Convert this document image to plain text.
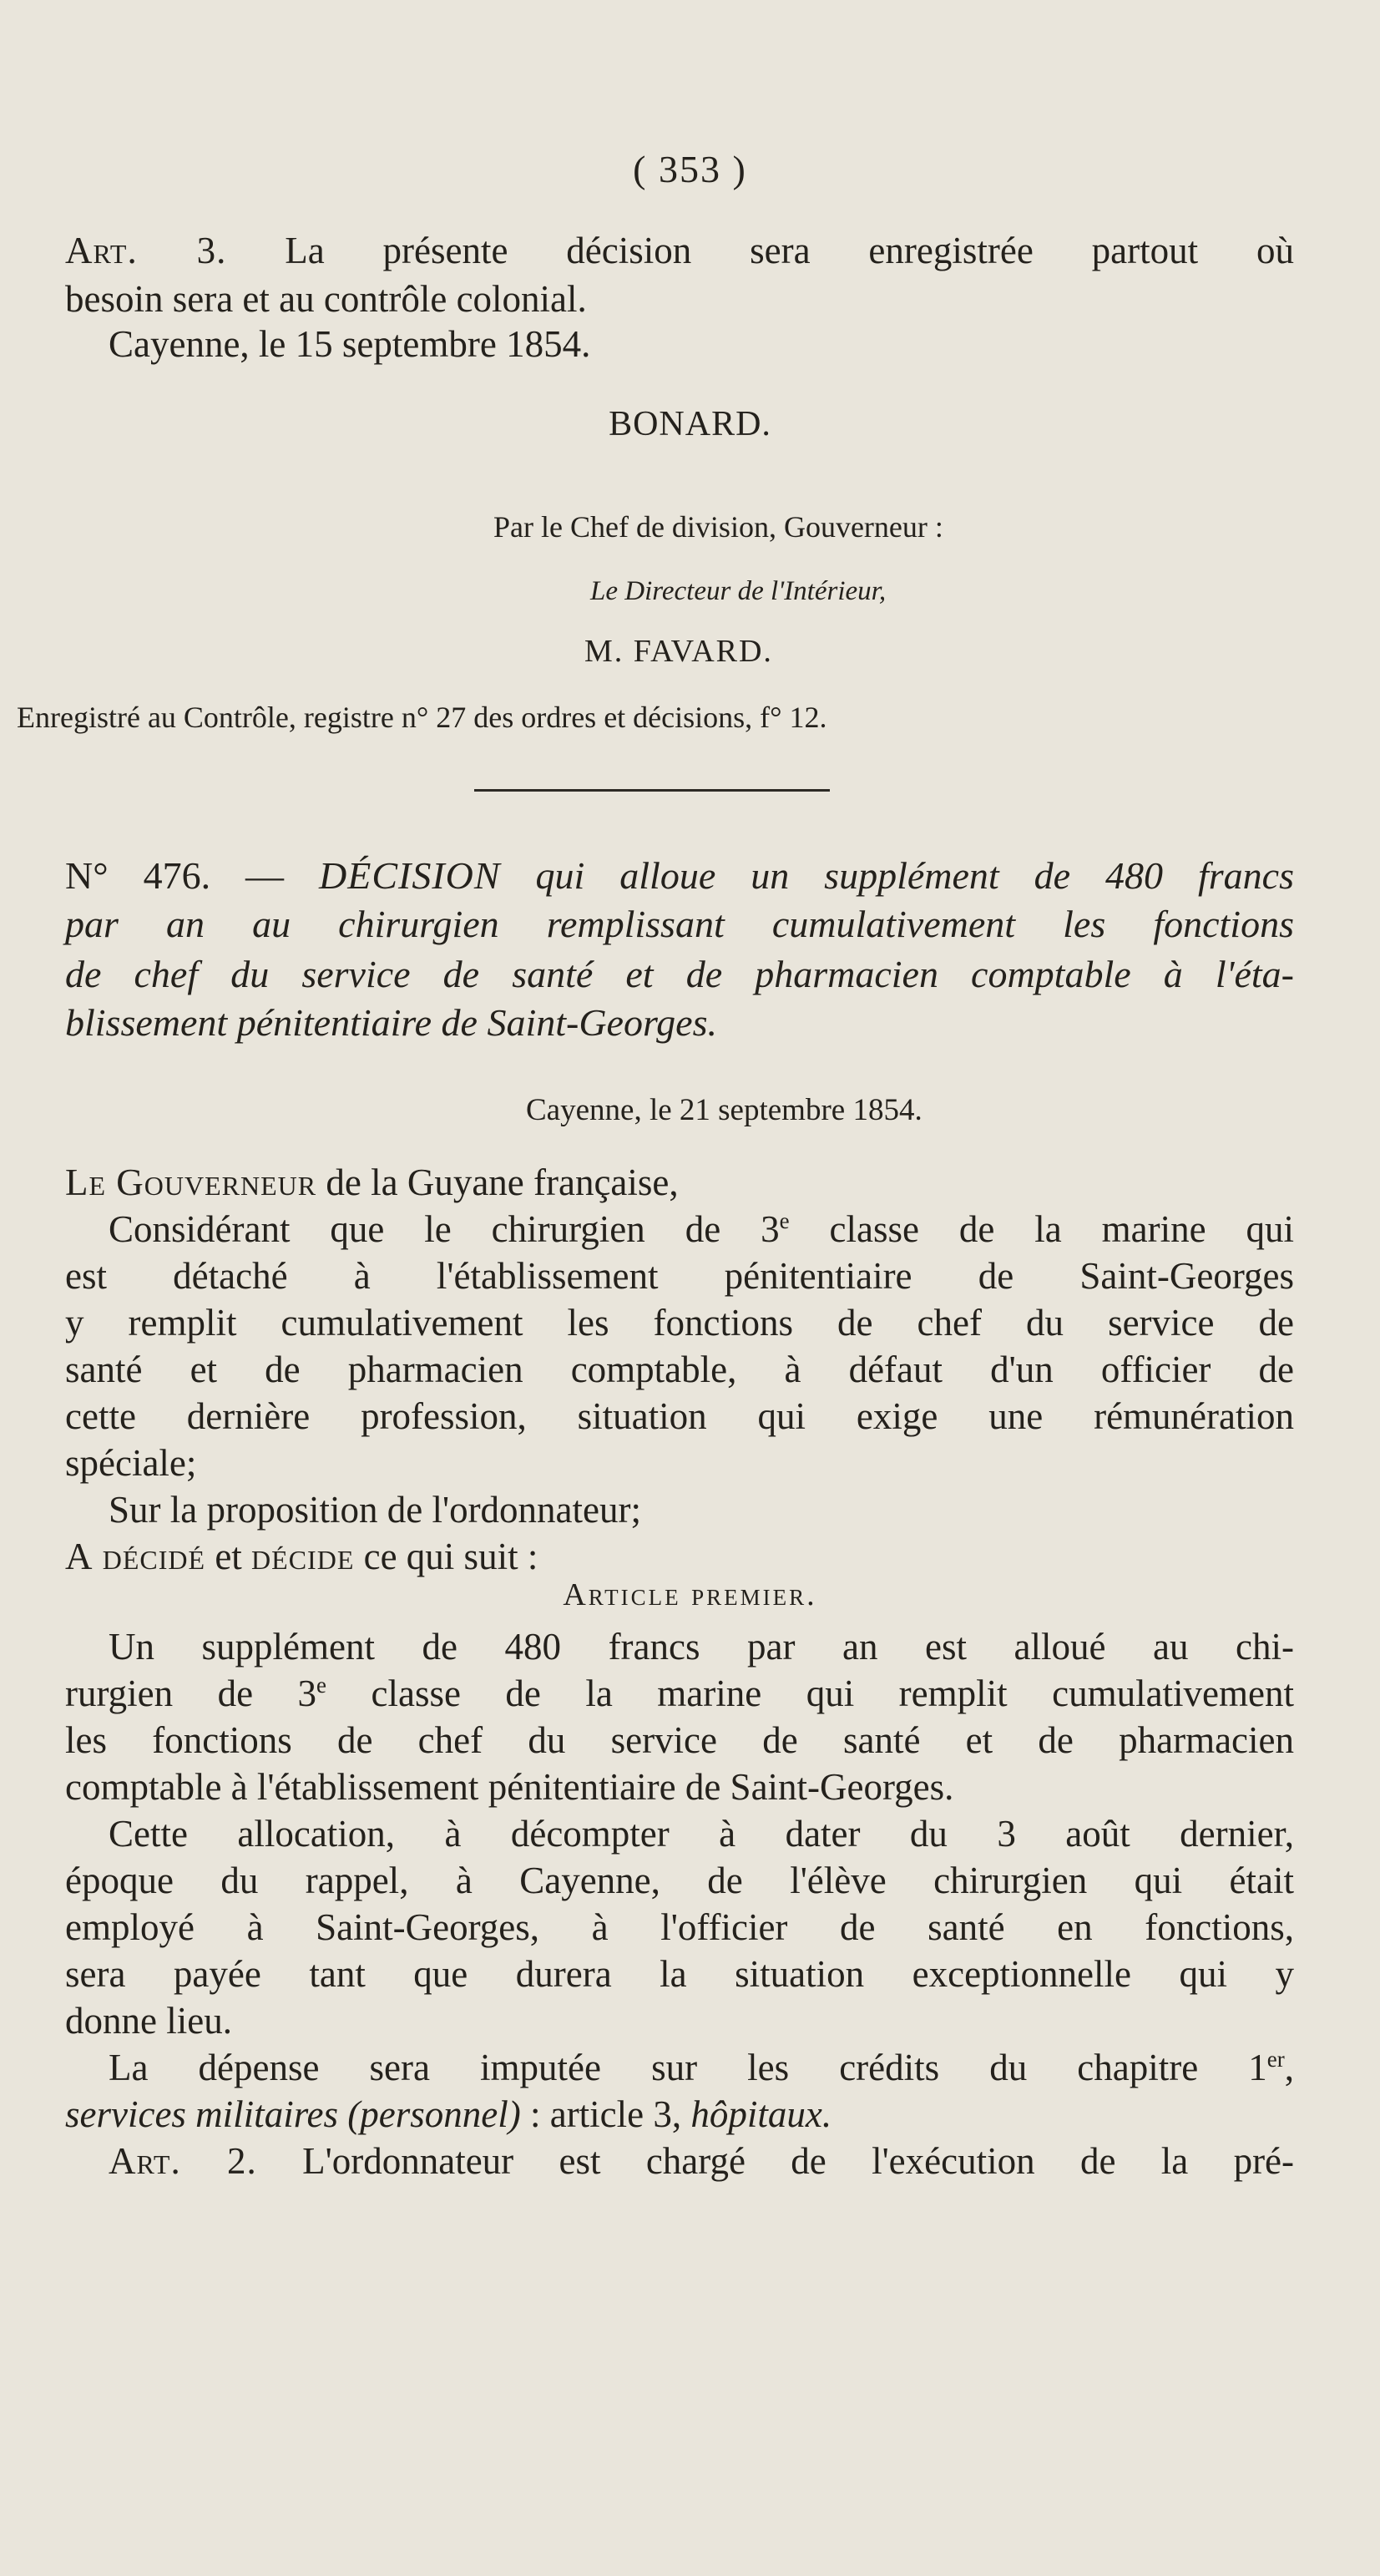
( 353 )
Art. 3. La présente décision sera enregistrée partout où
besoin sera et au contrôle colonial.
Cayenne, le 15 septembre 1854.
BONARD.
Par le Chef de division, Gouverneur :
Le Directeur de l'Intérieur,
M. FAVARD.
Enregistré au Contrôle, registre n° 27 des ordres et décisions, f° 12.
N° 476. — DÉCISION qui alloue un supplément de 480 francs
par an au chirurgien remplissant cumulativement les fonctions
de chef du service de santé et de pharmacien comptable à l'éta-
blissement pénitentiaire de Saint-Georges.
Cayenne, le 21 septembre 1854.
Le Gouverneur de la Guyane française,
Considérant que le chirurgien de 3e classe de la marine qui
est détaché à l'établissement pénitentiaire de Saint-Georges
y remplit cumulativement les fonctions de chef du service de
santé et de pharmacien comptable, à défaut d'un officier de
cette dernière profession, situation qui exige une rémunération
spéciale;
Sur la proposition de l'ordonnateur;
A décidé et décide ce qui suit :
Article premier.
Un supplément de 480 francs par an est alloué au chi-
rurgien de 3e classe de la marine qui remplit cumulativement
les fonctions de chef du service de santé et de pharmacien
comptable à l'établissement pénitentiaire de Saint-Georges.
Cette allocation, à décompter à dater du 3 août dernier,
époque du rappel, à Cayenne, de l'élève chirurgien qui était
employé à Saint-Georges, à l'officier de santé en fonctions,
sera payée tant que durera la situation exceptionnelle qui y
donne lieu.
La dépense sera imputée sur les crédits du chapitre 1er,
services militaires (personnel) : article 3, hôpitaux.
Art. 2. L'ordonnateur est chargé de l'exécution de la pré-
